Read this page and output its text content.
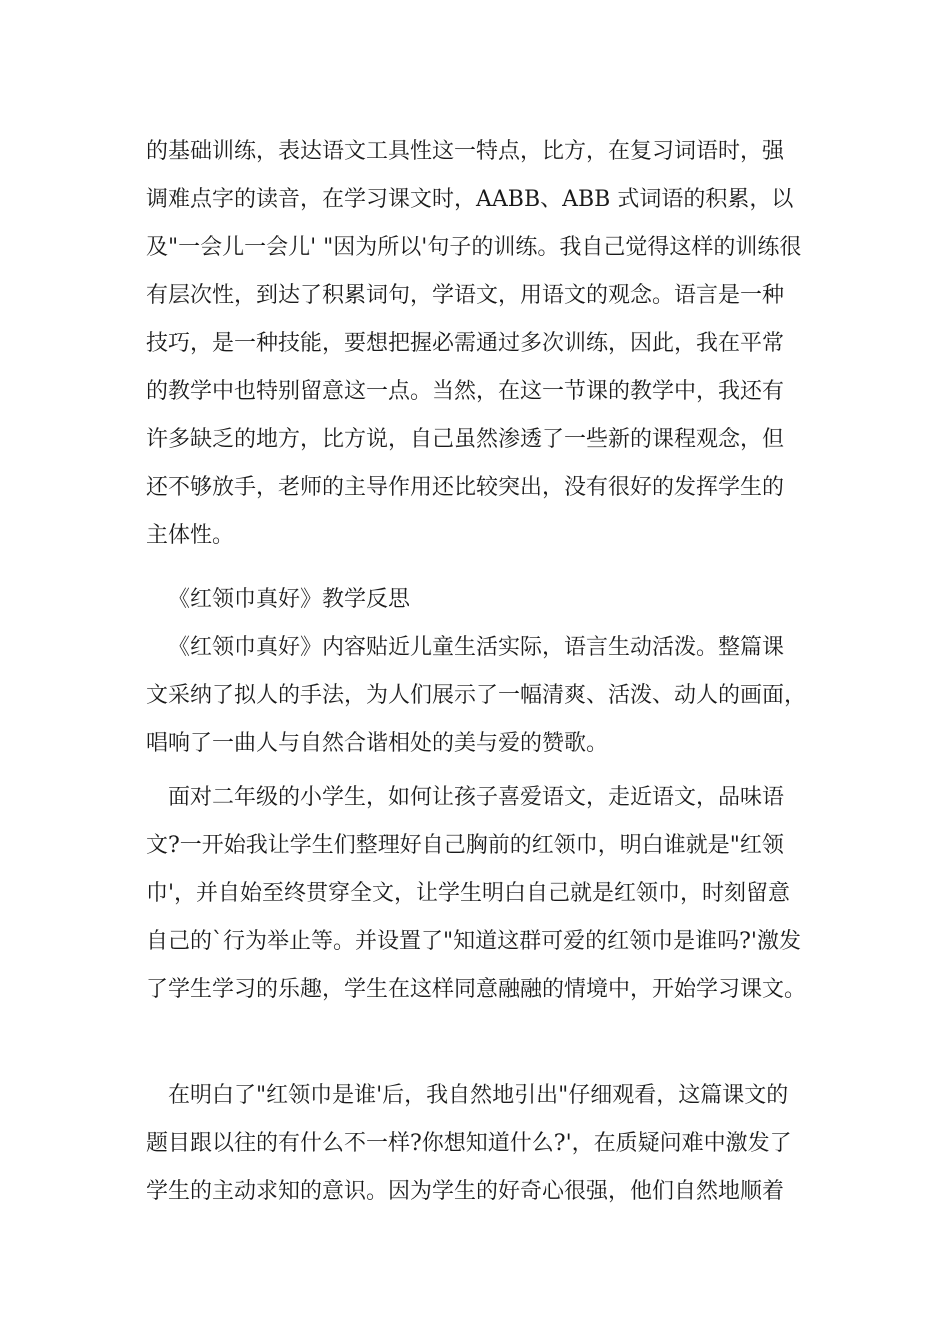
的基础训练，表达语文工具性这一特点，比方，在复习词语时，强
调难点字的读音，在学习课文时，AABB、ABB 式词语的积累，以
及"一会儿一会儿' "因为所以'句子的训练。我自己觉得这样的训练很
有层次性，到达了积累词句，学语文，用语文的观念。语言是一种
技巧，是一种技能，要想把握必需通过多次训练，因此，我在平常
的教学中也特别留意这一点。当然，在这一节课的教学中，我还有
许多缺乏的地方，比方说，自己虽然渗透了一些新的课程观念，但
还不够放手，老师的主导作用还比较突出，没有很好的发挥学生的
主体性。
《红领巾真好》教学反思
《红领巾真好》内容贴近儿童生活实际，语言生动活泼。整篇课
文采纳了拟人的手法，为人们展示了一幅清爽、活泼、动人的画面，
唱响了一曲人与自然合谐相处的美与爱的赞歌。
面对二年级的小学生，如何让孩子喜爱语文，走近语文，品味语
文?一开始我让学生们整理好自己胸前的红领巾，明白谁就是"红领
巾'，并自始至终贯穿全文，让学生明白自己就是红领巾，时刻留意
自己的`行为举止等。并设置了"知道这群可爱的红领巾是谁吗?'激发
了学生学习的乐趣，学生在这样同意融融的情境中，开始学习课文。
在明白了"红领巾是谁'后，我自然地引出"仔细观看，这篇课文的
题目跟以往的有什么不一样?你想知道什么?'，在质疑问难中激发了
学生的主动求知的意识。因为学生的好奇心很强，他们自然地顺着
